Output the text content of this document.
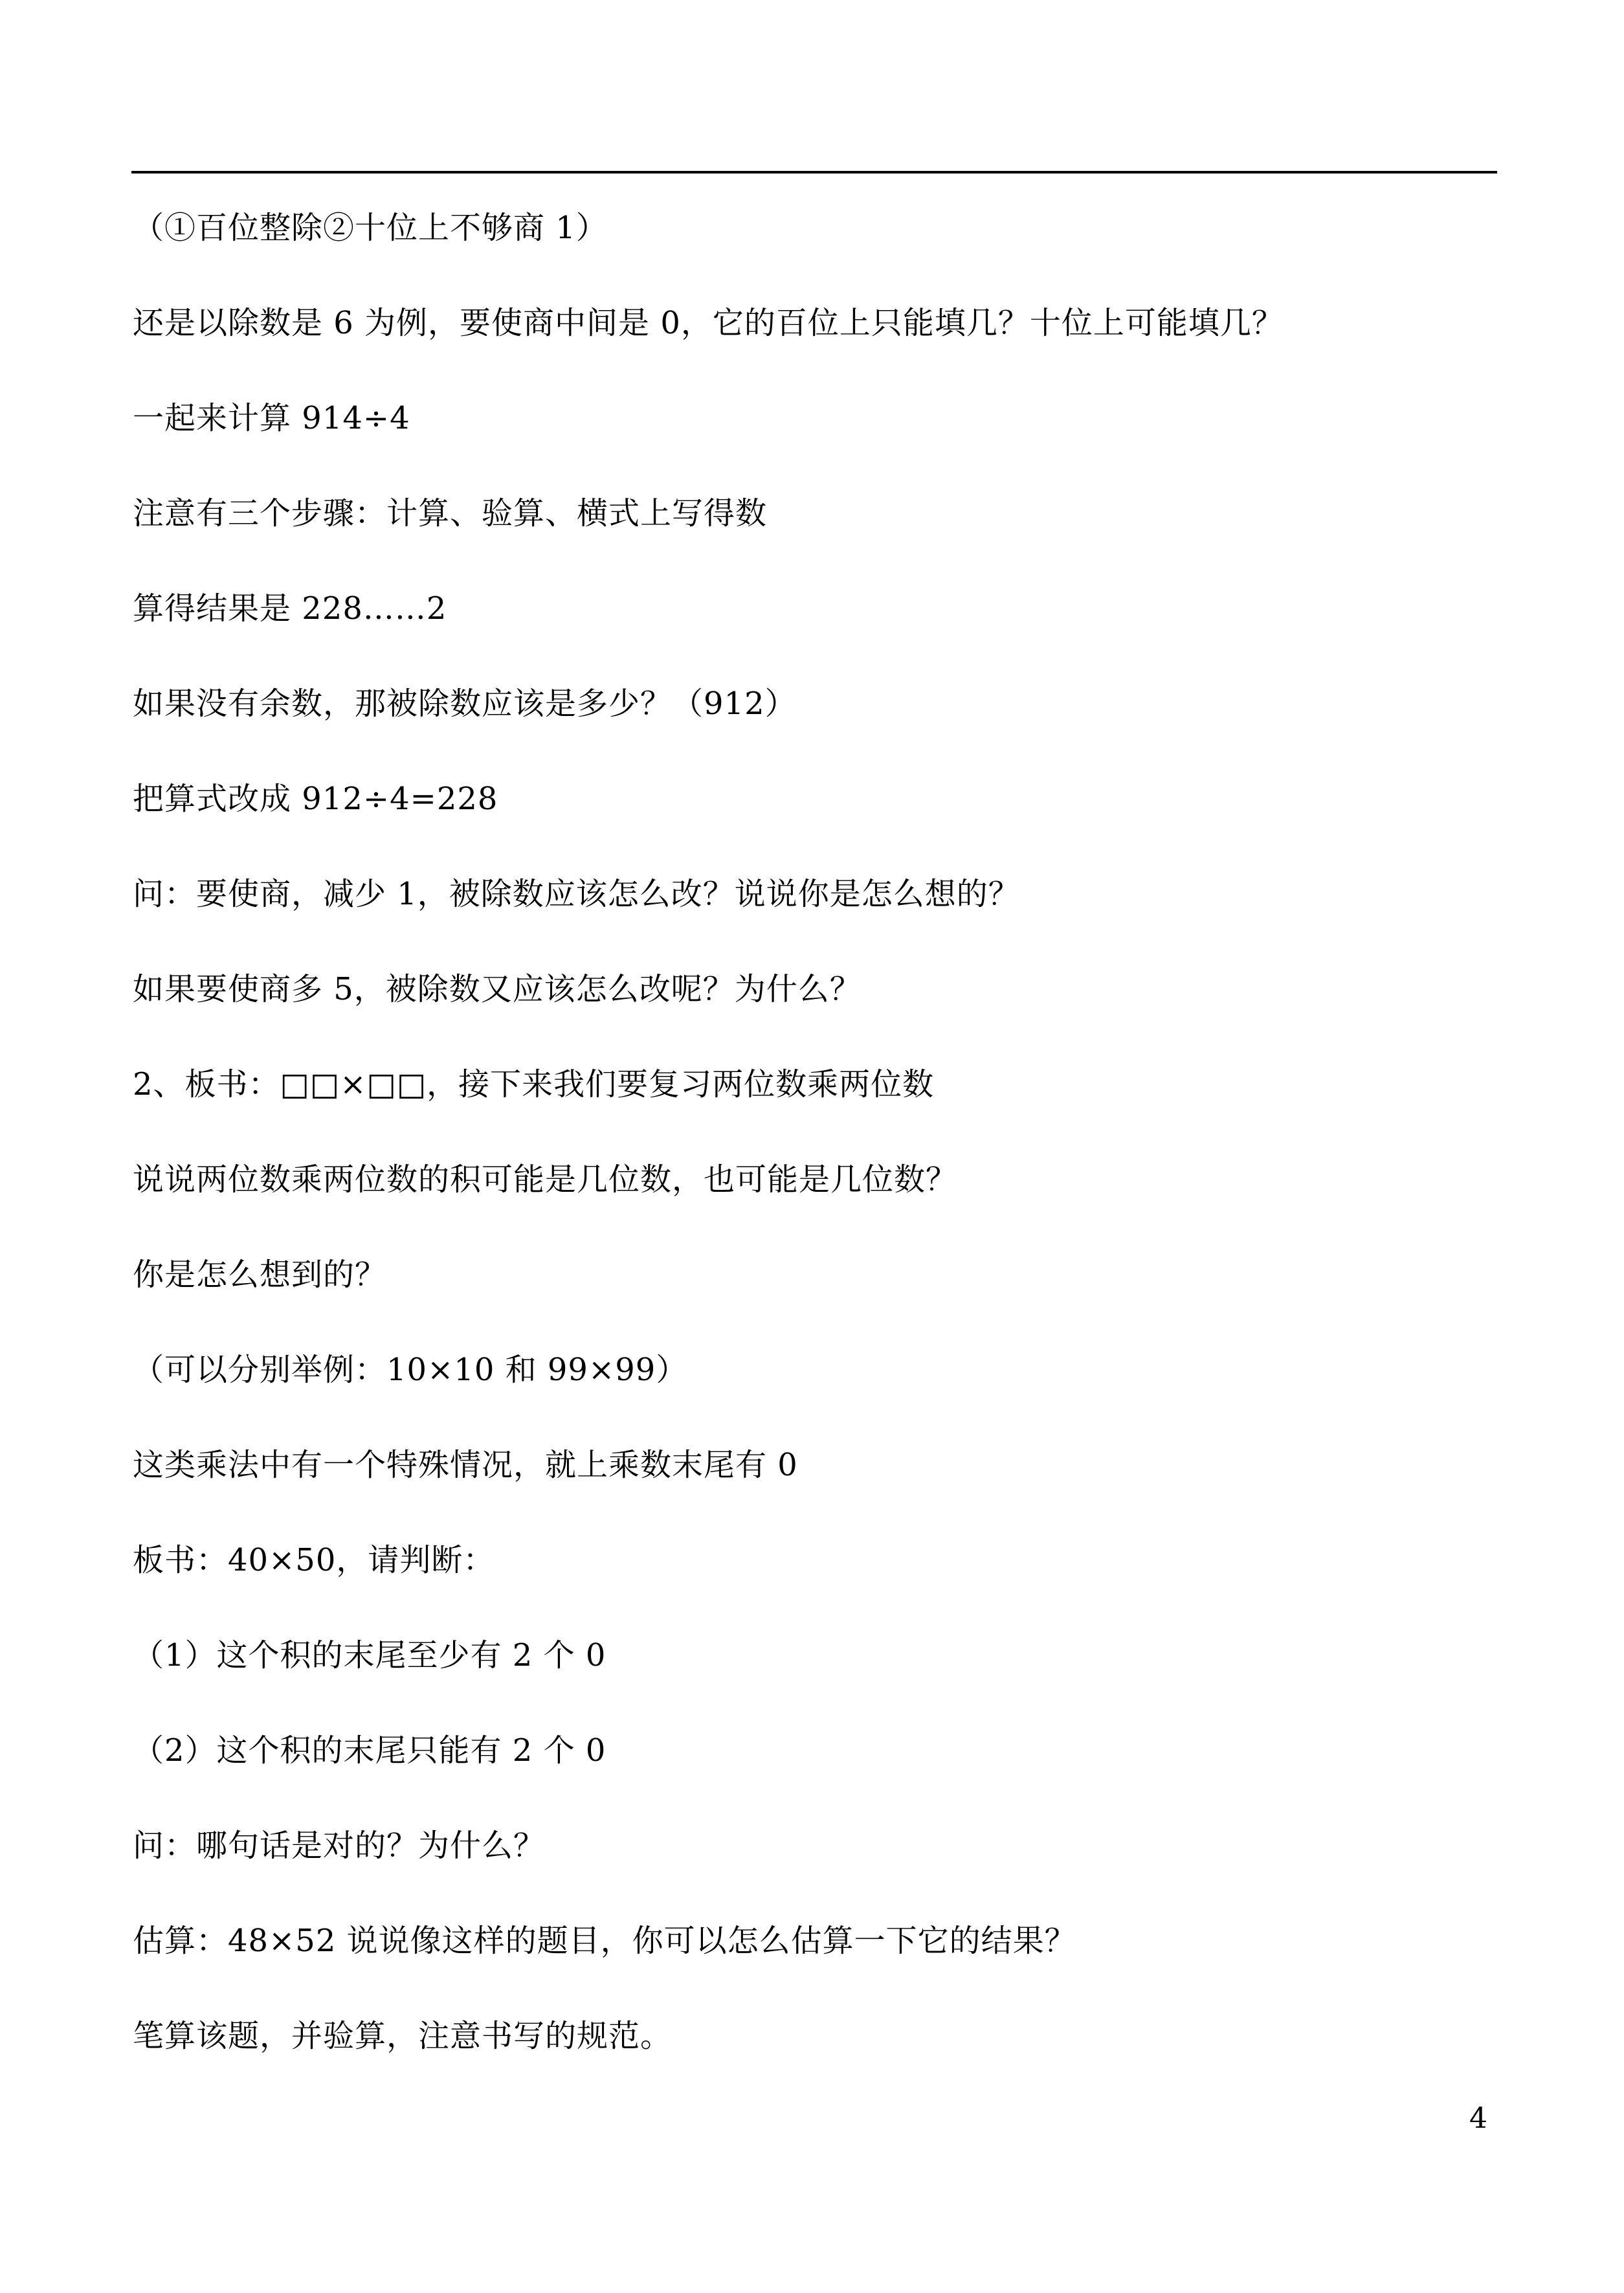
（①百位整除②十位上不够商 1）
还是以除数是 6 为例，要使商中间是 0，它的百位上只能填几？十位上可能填几？
一起来计算 914÷4
注意有三个步骤：计算、验算、横式上写得数
算得结果是 228……2
如果没有余数，那被除数应该是多少？（912）
把算式改成 912÷4=228
问：要使商，减少 1，被除数应该怎么改？说说你是怎么想的？
如果要使商多 5，被除数又应该怎么改呢？为什么？
2、板书：□□×□□，接下来我们要复习两位数乘两位数
说说两位数乘两位数的积可能是几位数，也可能是几位数？
你是怎么想到的？
（可以分别举例：10×10 和 99×99）
这类乘法中有一个特殊情况，就上乘数末尾有 0
板书：40×50，请判断：
（1）这个积的末尾至少有 2 个 0
（2）这个积的末尾只能有 2 个 0
问：哪句话是对的？为什么？
估算：48×52 说说像这样的题目，你可以怎么估算一下它的结果？
笔算该题，并验算，注意书写的规范。
4
